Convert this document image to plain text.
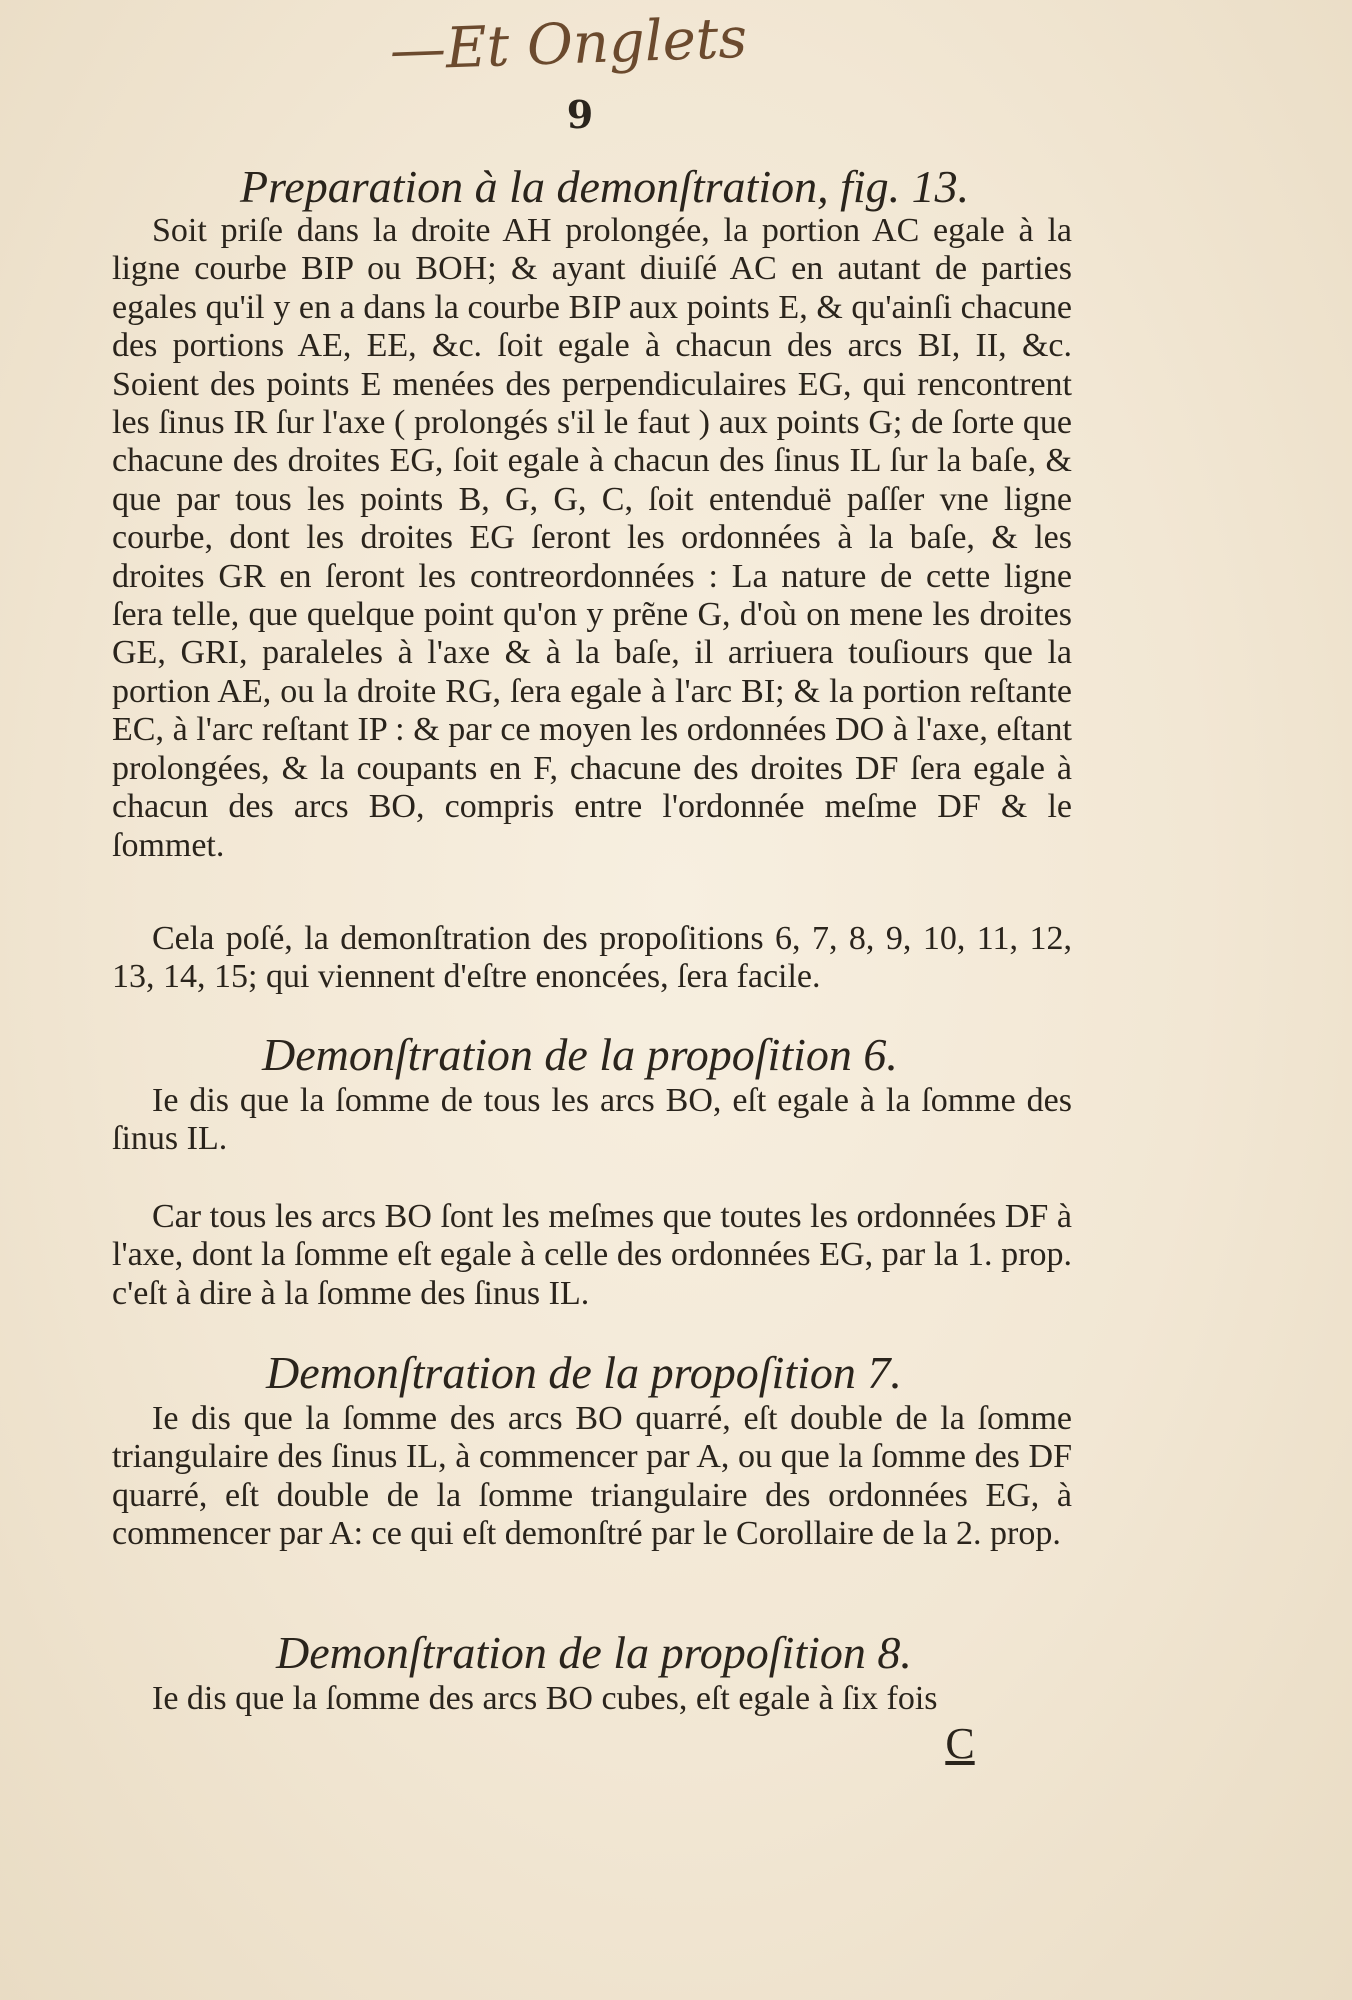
—Et Onglets
9
Preparation à la demonſtration, fig. 13.

Soit priſe dans la droite AH prolongée, la portion AC egale à la ligne courbe BIP ou BOH; & ayant diuiſé AC en autant de parties egales qu'il y en a dans la courbe BIP aux points E, & qu'ainſi chacune des portions AE, EE, &c. ſoit egale à chacun des arcs BI, II, &c. Soient des points E menées des perpendiculaires EG, qui rencontrent les ſinus IR ſur l'axe ( prolongés s'il le faut ) aux points G; de ſorte que chacune des droites EG, ſoit egale à chacun des ſinus IL ſur la baſe, & que par tous les points B, G, G, C, ſoit entenduë paſſer vne ligne courbe, dont les droites EG ſeront les ordonnées à la baſe, & les droites GR en ſeront les contreordonnées : La nature de cette ligne ſera telle, que quelque point qu'on y prẽne G, d'où on mene les droites GE, GRI, paraleles à l'axe & à la baſe, il arriuera touſiours que la portion AE, ou la droite RG, ſera egale à l'arc BI; & la portion reſtante EC, à l'arc reſtant IP : & par ce moyen les ordonnées DO à l'axe, eſtant prolongées, & la coupants en F, chacune des droites DF ſera egale à chacun des arcs BO, compris entre l'ordonnée meſme DF & le ſommet.

Cela poſé, la demonſtration des propoſitions 6, 7, 8, 9, 10, 11, 12, 13, 14, 15; qui viennent d'eſtre enoncées, ſera facile.

Demonſtration de la propoſition 6.

Ie dis que la ſomme de tous les arcs BO, eſt egale à la ſomme des ſinus IL.

Car tous les arcs BO ſont les meſmes que toutes les ordonnées DF à l'axe, dont la ſomme eſt egale à celle des ordonnées EG, par la 1. prop. c'eſt à dire à la ſomme des ſinus IL.

Demonſtration de la propoſition 7.

Ie dis que la ſomme des arcs BO quarré, eſt double de la ſomme triangulaire des ſinus IL, à commencer par A, ou que la ſomme des DF quarré, eſt double de la ſomme triangulaire des ordonnées EG, à commencer par A: ce qui eſt demonſtré par le Corollaire de la 2. prop.

Demonſtration de la propoſition 8.

Ie dis que la ſomme des arcs BO cubes, eſt egale à ſix fois

C
